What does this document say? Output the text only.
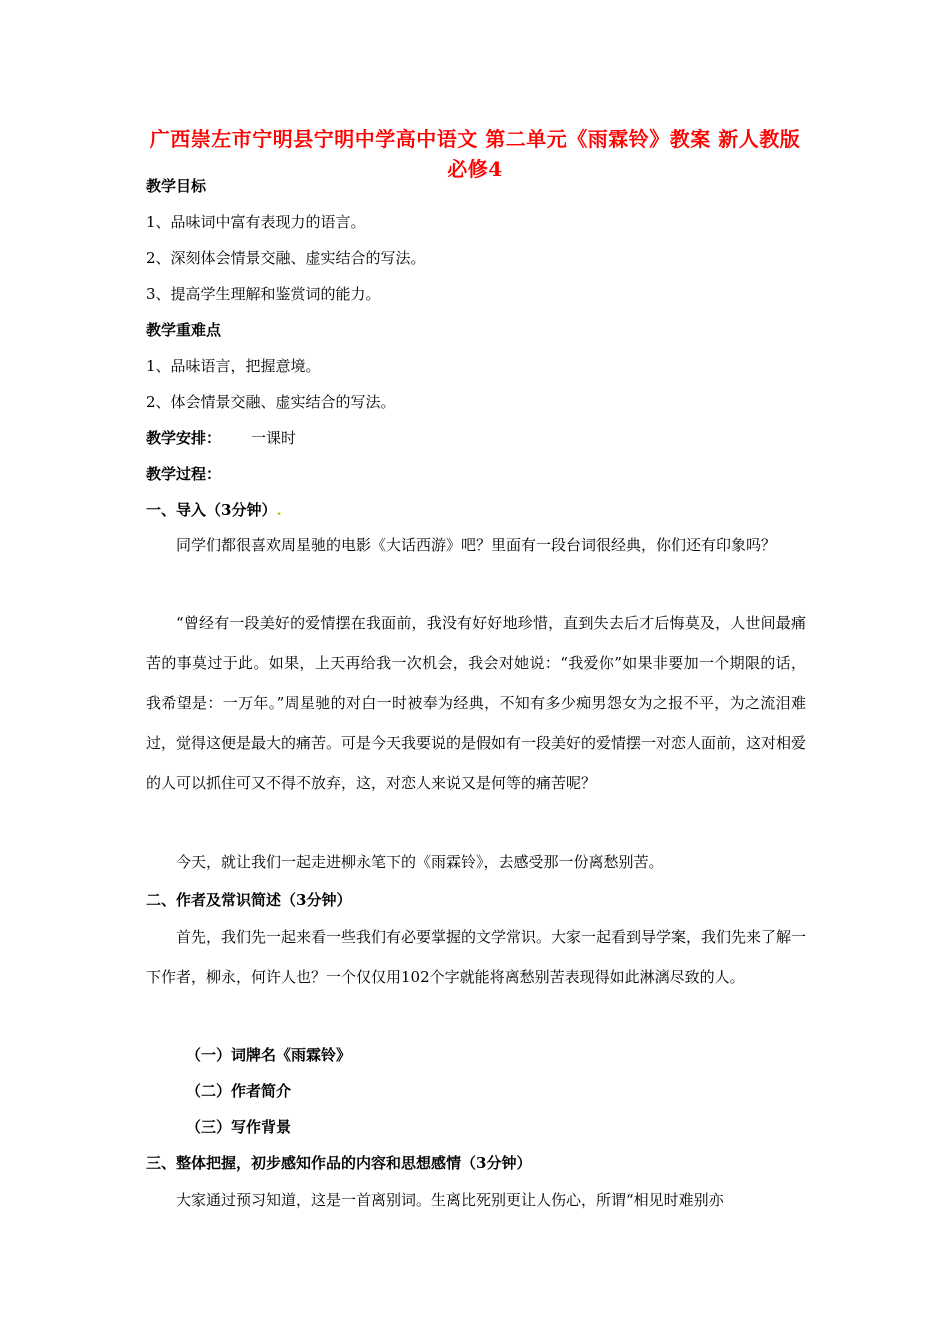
广西崇左市宁明县宁明中学高中语文 第二单元《雨霖铃》教案 新人教版必修4
教学目标
1、品味词中富有表现力的语言。
2、深刻体会情景交融、虚实结合的写法。
3、提高学生理解和鉴赏词的能力。
教学重难点
1、品味语言，把握意境。
2、体会情景交融、虚实结合的写法。
教学安排： 一课时
教学过程：
一、导入（3分钟）.
同学们都很喜欢周星驰的电影《大话西游》吧？里面有一段台词很经典，你们还有印象吗？
“曾经有一段美好的爱情摆在我面前，我没有好好地珍惜，直到失去后才后悔莫及，人世间最痛苦的事莫过于此。如果，上天再给我一次机会，我会对她说：“我爱你”如果非要加一个期限的话，我希望是：一万年。”周星驰的对白一时被奉为经典，不知有多少痴男怨女为之报不平，为之流泪难过，觉得这便是最大的痛苦。可是今天我要说的是假如有一段美好的爱情摆一对恋人面前，这对相爱的人可以抓住可又不得不放弃，这，对恋人来说又是何等的痛苦呢？
今天，就让我们一起走进柳永笔下的《雨霖铃》，去感受那一份离愁别苦。
二、作者及常识简述（3分钟）
首先，我们先一起来看一些我们有必要掌握的文学常识。大家一起看到导学案，我们先来了解一下作者，柳永，何许人也？一个仅仅用102个字就能将离愁别苦表现得如此淋漓尽致的人。
（一）词牌名《雨霖铃》
（二）作者简介
（三）写作背景
三、整体把握，初步感知作品的内容和思想感情（3分钟）
大家通过预习知道，这是一首离别词。生离比死别更让人伤心，所谓“相见时难别亦
